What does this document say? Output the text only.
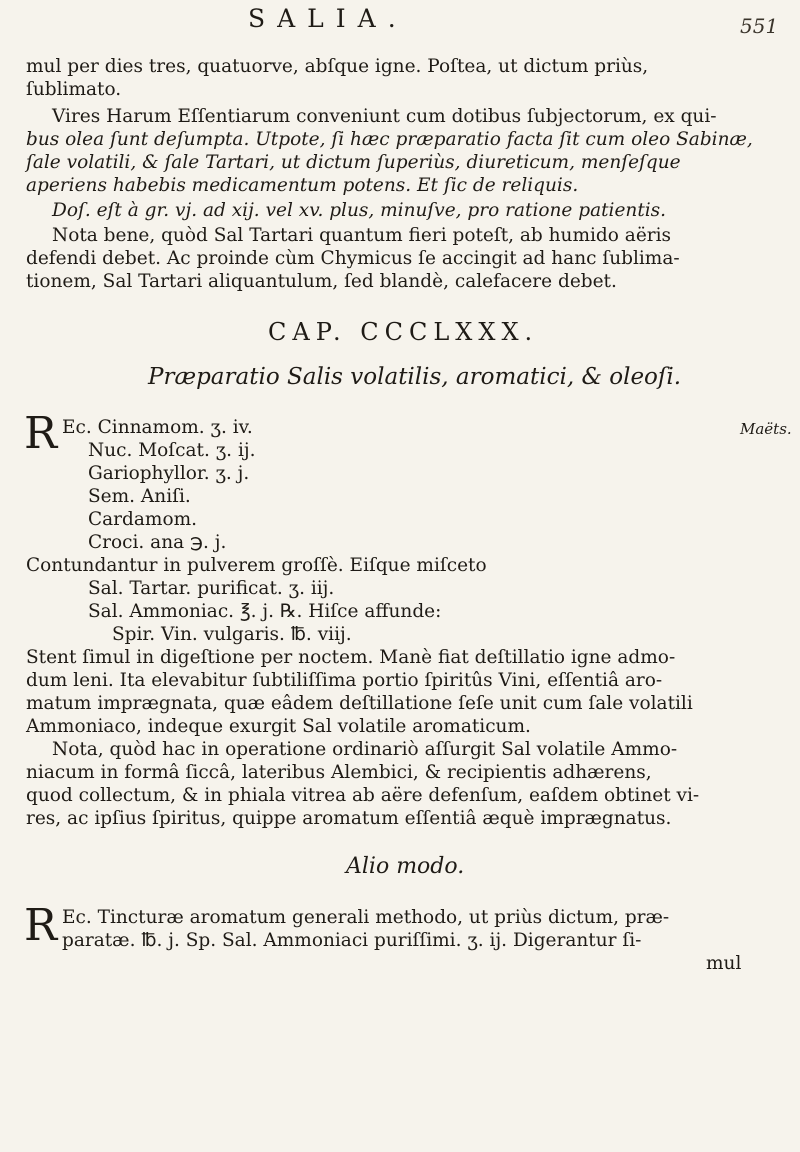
SALIA.	551
mul per dies tres, quatuorve, abſque igne. Poſtea, ut dictum priùs,
ſublimato.
Vires Harum Eſſentiarum conveniunt cum dotibus ſubjectorum, ex qui-
bus olea ſunt deſumpta. Utpote, ſi hæc præparatio facta ſit cum oleo Sabinæ,
ſale volatili, & ſale Tartari, ut dictum ſuperiùs, diureticum, menſeſque
aperiens habebis medicamentum potens. Et ſic de reliquis.
Doſ. eſt à gr. vj. ad xij. vel xv. plus, minuſve, pro ratione patientis.
Nota bene, quòd Sal Tartari quantum fieri poteſt, ab humido aëris
defendi debet. Ac proinde cùm Chymicus ſe accingit ad hanc ſublima-
tionem, Sal Tartari aliquantulum, ſed blandè, calefacere debet.
CAP. CCCLXXX.
Præparatio Salis volatilis, aromatici, & oleoſi.
R Ec. Cinnamom. ʒ. iv.	Maëts.
Nuc. Moſcat. ʒ. ij.
Gariophyllor. ʒ. j.
Sem. Aniſi.
Cardamom.
Croci. ana ℈. j.
Contundantur in pulverem groſſè. Eiſque miſceto
Sal. Tartar. purificat. ʒ. iij.
Sal. Ammoniac. ℥. j. ℞. Hiſce affunde:
Spir. Vin. vulgaris. ℔. viij.
Stent ſimul in digeſtione per noctem. Manè fiat deſtillatio igne admo-
dum leni. Ita elevabitur ſubtiliſſima portio ſpiritûs Vini, eſſentiâ aro-
matum imprægnata, quæ eâdem deſtillatione ſeſe unit cum ſale volatili
Ammoniaco, indeque exurgit Sal volatile aromaticum.
Nota, quòd hac in operatione ordinariò aſſurgit Sal volatile Ammo-
niacum in formâ ſiccâ, lateribus Alembici, & recipientis adhærens,
quod collectum, & in phiala vitrea ab aëre defenſum, eaſdem obtinet vi-
res, ac ipſius ſpiritus, quippe aromatum eſſentiâ æquè imprægnatus.
Alio modo.
R Ec. Tincturæ aromatum generali methodo, ut priùs dictum, præ-
paratæ. ℔. j. Sp. Sal. Ammoniaci puriſſimi. ʒ. ij. Digerantur ſi-
mul
